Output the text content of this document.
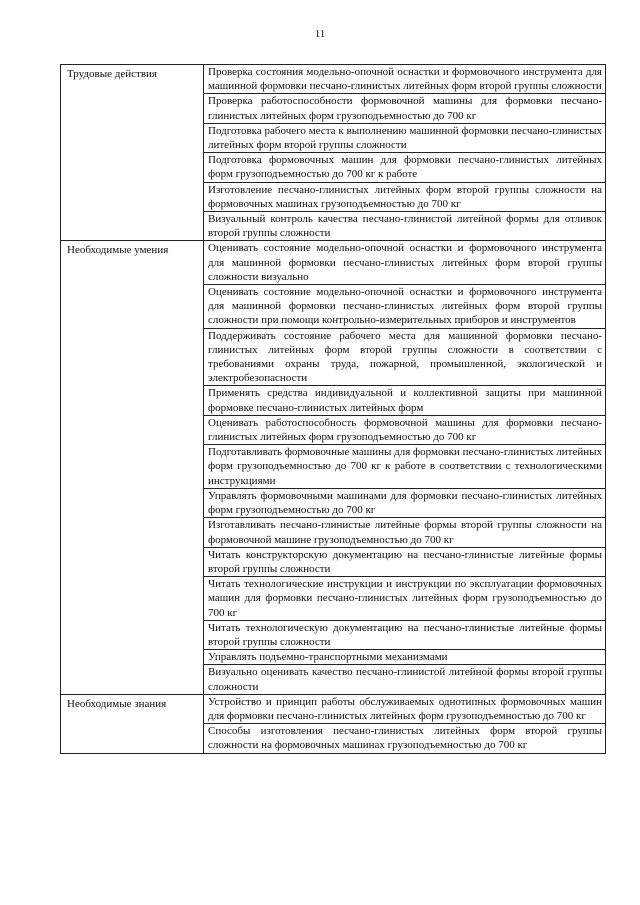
11
Трудовые действия	Проверка состояния модельно-опочной оснастки и формовочного инструмента для машинной формовки песчано-глинистых литейных форм второй группы сложности
	Проверка работоспособности формовочной машины для формовки песчано-глинистых литейных форм грузоподъемностью до 700 кг
	Подготовка рабочего места к выполнению машинной формовки песчано-глинистых литейных форм второй группы сложности
	Подготовка формовочных машин для формовки песчано-глинистых литейных форм грузоподъемностью до 700 кг к работе
	Изготовление песчано-глинистых литейных форм второй группы сложности на формовочных машинах грузоподъемностью до 700 кг
	Визуальный контроль качества песчано-глинистой литейной формы для отливок второй группы сложности
Необходимые умения	Оценивать состояние модельно-опочной оснастки и формовочного инструмента для машинной формовки песчано-глинистых литейных форм второй группы сложности визуально
	Оценивать состояние модельно-опочной оснастки и формовочного инструмента для машинной формовки песчано-глинистых литейных форм второй группы сложности при помощи контрольно-измерительных приборов и инструментов
	Поддерживать состояние рабочего места для машинной формовки песчано-глинистых литейных форм второй группы сложности в соответствии с требованиями охраны труда, пожарной, промышленной, экологической и электробезопасности
	Применять средства индивидуальной и коллективной защиты при машинной формовке песчано-глинистых литейных форм
	Оценивать работоспособность формовочной машины для формовки песчано-глинистых литейных форм грузоподъемностью до 700 кг
	Подготавливать формовочные машины для формовки песчано-глинистых литейных форм грузоподъемностью до 700 кг к работе в соответствии с технологическими инструкциями
	Управлять формовочными машинами для формовки песчано-глинистых литейных форм грузоподъемностью до 700 кг
	Изготавливать песчано-глинистые литейные формы второй группы сложности на формовочной машине грузоподъемностью до 700 кг
	Читать конструкторскую документацию на песчано-глинистые литейные формы второй группы сложности
	Читать технологические инструкции и инструкции по эксплуатации формовочных машин для формовки песчано-глинистых литейных форм грузоподъемностью до 700 кг
	Читать технологическую документацию на песчано-глинистые литейные формы второй группы сложности
	Управлять подъемно-транспортными механизмами
	Визуально оценивать качество песчано-глинистой литейной формы второй группы сложности
Необходимые знания	Устройство и принцип работы обслуживаемых однотипных формовочных машин для формовки песчано-глинистых литейных форм грузоподъемностью до 700 кг
	Способы изготовления песчано-глинистых литейных форм второй группы сложности на формовочных машинах грузоподъемностью до 700 кг
